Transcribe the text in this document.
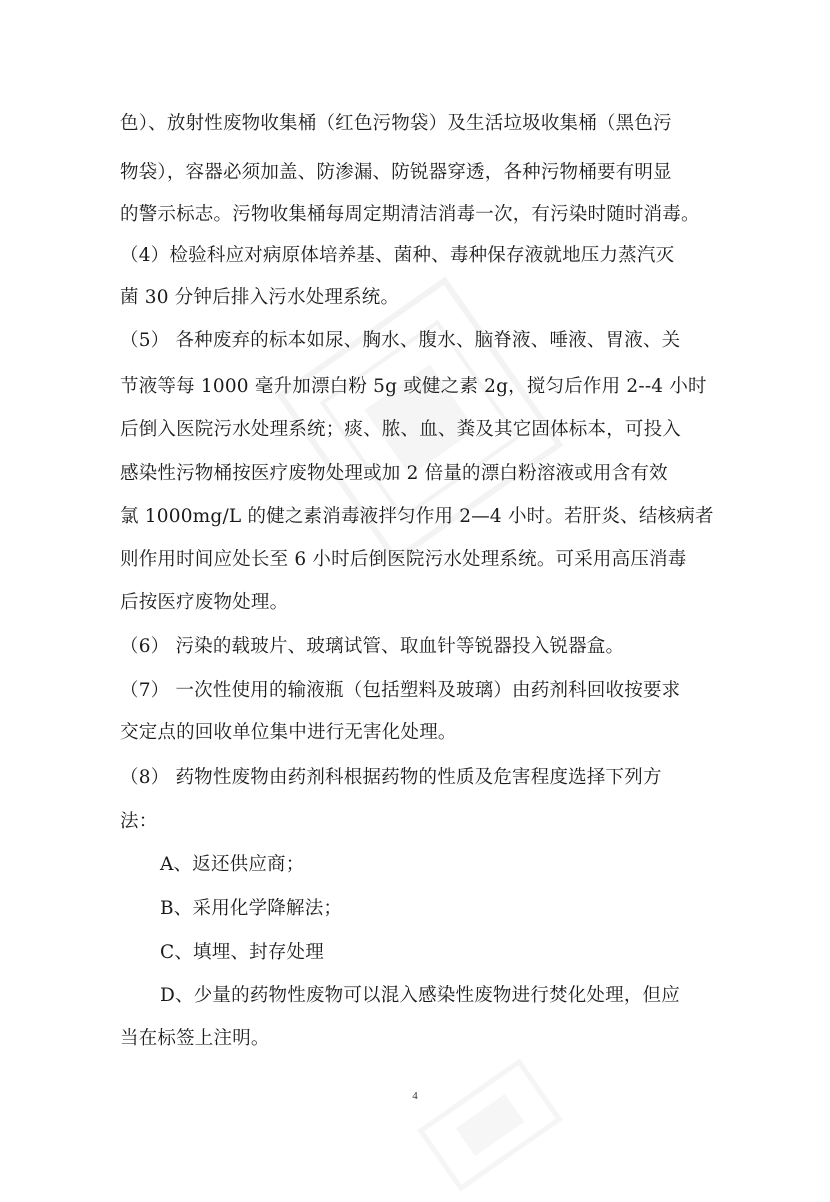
色）、放射性废物收集桶（红色污物袋）及生活垃圾收集桶（黑色污
物袋），容器必须加盖、防渗漏、防锐器穿透，各种污物桶要有明显
的警示标志。污物收集桶每周定期清洁消毒一次，有污染时随时消毒。
（4）检验科应对病原体培养基、菌种、毒种保存液就地压力蒸汽灭
菌 30 分钟后排入污水处理系统。
（5） 各种废弃的标本如尿、胸水、腹水、脑脊液、唾液、胃液、关
节液等每 1000 毫升加漂白粉 5g 或健之素 2g，搅匀后作用 2--4 小时
后倒入医院污水处理系统；痰、脓、血、粪及其它固体标本，可投入
感染性污物桶按医疗废物处理或加 2 倍量的漂白粉溶液或用含有效
氯 1000mg/L 的健之素消毒液拌匀作用 2—4 小时。若肝炎、结核病者
则作用时间应处长至 6 小时后倒医院污水处理系统。可采用高压消毒
后按医疗废物处理。
（6） 污染的载玻片、玻璃试管、取血针等锐器投入锐器盒。
（7） 一次性使用的输液瓶（包括塑料及玻璃）由药剂科回收按要求
交定点的回收单位集中进行无害化处理。
（8） 药物性废物由药剂科根据药物的性质及危害程度选择下列方
法：
A、返还供应商；
B、采用化学降解法；
C、填埋、封存处理
D、少量的药物性废物可以混入感染性废物进行焚化处理，但应
当在标签上注明。
4
